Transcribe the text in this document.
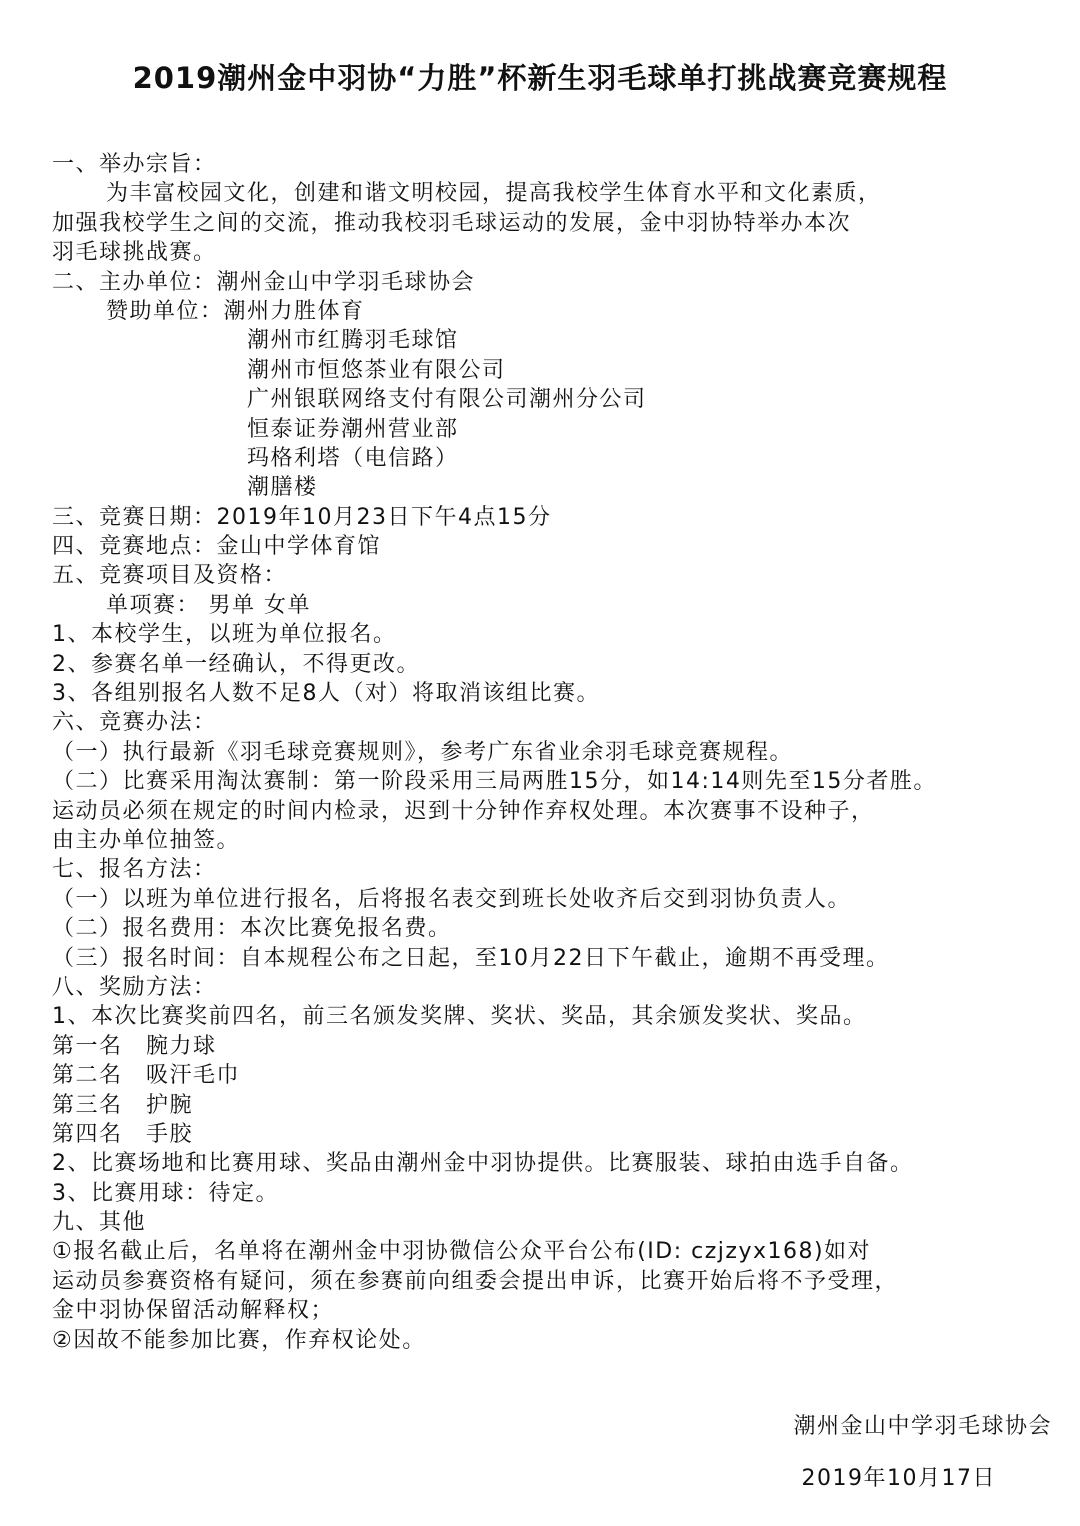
2019潮州金中羽协“力胜”杯新生羽毛球单打挑战赛竞赛规程
一、举办宗旨：
为丰富校园文化，创建和谐文明校园，提高我校学生体育水平和文化素质，
加强我校学生之间的交流，推动我校羽毛球运动的发展，金中羽协特举办本次
羽毛球挑战赛。
二、主办单位：潮州金山中学羽毛球协会
赞助单位：潮州力胜体育
潮州市红腾羽毛球馆
潮州市恒悠茶业有限公司
广州银联网络支付有限公司潮州分公司
恒泰证券潮州营业部
玛格利塔（电信路）
潮膳楼
三、竞赛日期：2019年10月23日下午4点15分
四、竞赛地点：金山中学体育馆
五、竞赛项目及资格：
单项赛： 男单 女单
1、本校学生，以班为单位报名。
2、参赛名单一经确认，不得更改。
3、各组别报名人数不足8人（对）将取消该组比赛。
六、竞赛办法：
（一）执行最新《羽毛球竞赛规则》，参考广东省业余羽毛球竞赛规程。
（二）比赛采用淘汰赛制：第一阶段采用三局两胜15分，如14:14则先至15分者胜。
运动员必须在规定的时间内检录，迟到十分钟作弃权处理。本次赛事不设种子，
由主办单位抽签。
七、报名方法：
（一）以班为单位进行报名，后将报名表交到班长处收齐后交到羽协负责人。
（二）报名费用：本次比赛免报名费。
（三）报名时间：自本规程公布之日起，至10月22日下午截止，逾期不再受理。
八、奖励方法：
1、本次比赛奖前四名，前三名颁发奖牌、奖状、奖品，其余颁发奖状、奖品。
第一名　腕力球
第二名　吸汗毛巾
第三名　护腕
第四名　手胶
2、比赛场地和比赛用球、奖品由潮州金中羽协提供。比赛服装、球拍由选手自备。
3、比赛用球：待定。
九、其他
①报名截止后，名单将在潮州金中羽协微信公众平台公布(ID: czjzyx168)如对
运动员参赛资格有疑问，须在参赛前向组委会提出申诉，比赛开始后将不予受理，
金中羽协保留活动解释权；
②因故不能参加比赛，作弃权论处。
潮州金山中学羽毛球协会
2019年10月17日
